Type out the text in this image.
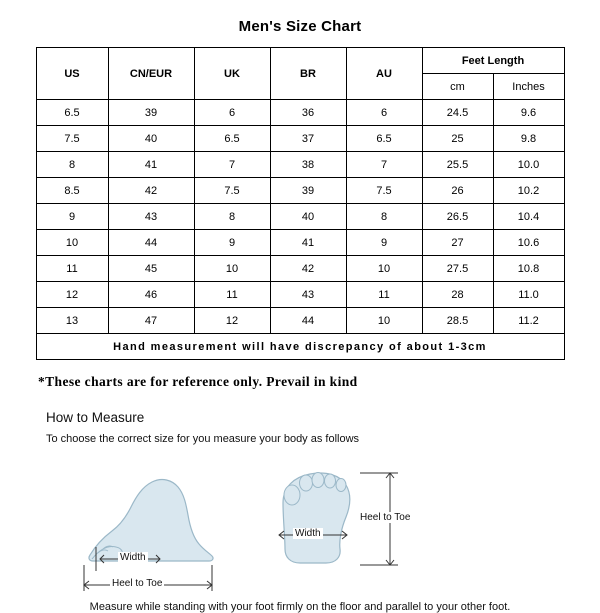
Men's Size Chart
US	CN/EUR	UK	BR	AU	Feet Length	
					cm	Inches
6.5	39	6	36	6	24.5	9.6
7.5	40	6.5	37	6.5	25	9.8
8	41	7	38	7	25.5	10.0
8.5	42	7.5	39	7.5	26	10.2
9	43	8	40	8	26.5	10.4
10	44	9	41	9	27	10.6
11	45	10	42	10	27.5	10.8
12	46	11	43	11	28	11.0
13	47	12	44	10	28.5	11.2
Hand measurement will have discrepancy of about 1-3cm						
*These charts are for reference only. Prevail in kind
How to Measure
To choose the correct size for you measure your body as follows
Width
Heel to Toe
Width
Heel to Toe
Measure while standing with your foot firmly on the floor and parallel to your other foot.
